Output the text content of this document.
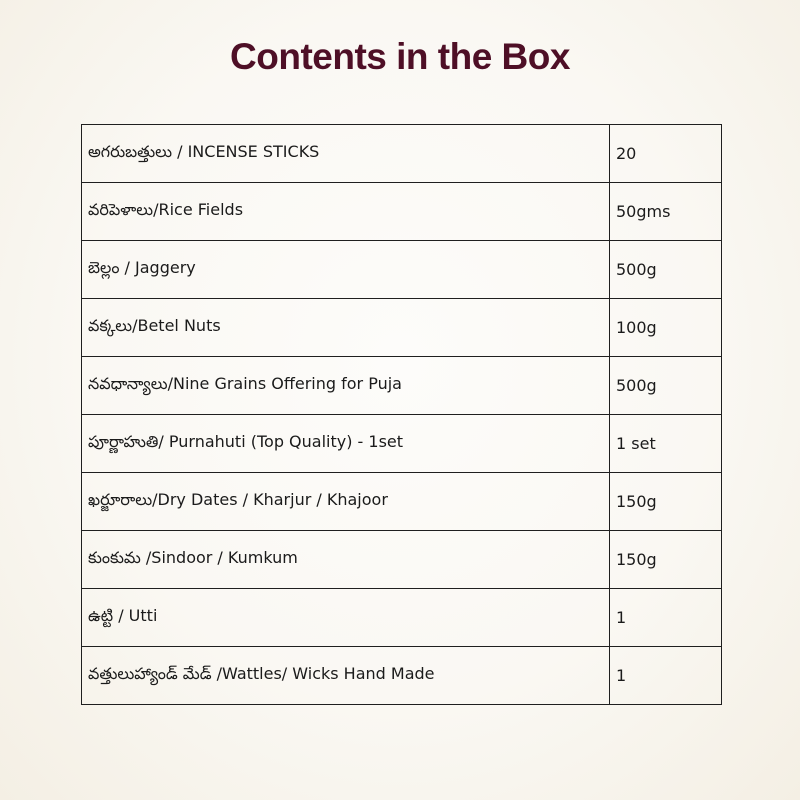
Contents in the Box
అగరుబత్తులు / INCENSE STICKS	20
వరిపెళాలు/Rice Fields	50gms
బెల్లం / Jaggery	500g
వక్కలు/Betel Nuts	100g
నవధాన్యాలు/Nine Grains Offering for Puja	500g
పూర్ణాహుతి/ Purnahuti (Top Quality) - 1set	1 set
ఖర్జూరాలు/Dry Dates / Kharjur / Khajoor	150g
కుంకుమ /Sindoor / Kumkum	150g
ఉట్టి / Utti	1
వత్తులుహ్యాండ్ మేడ్ /Wattles/ Wicks Hand Made	1
